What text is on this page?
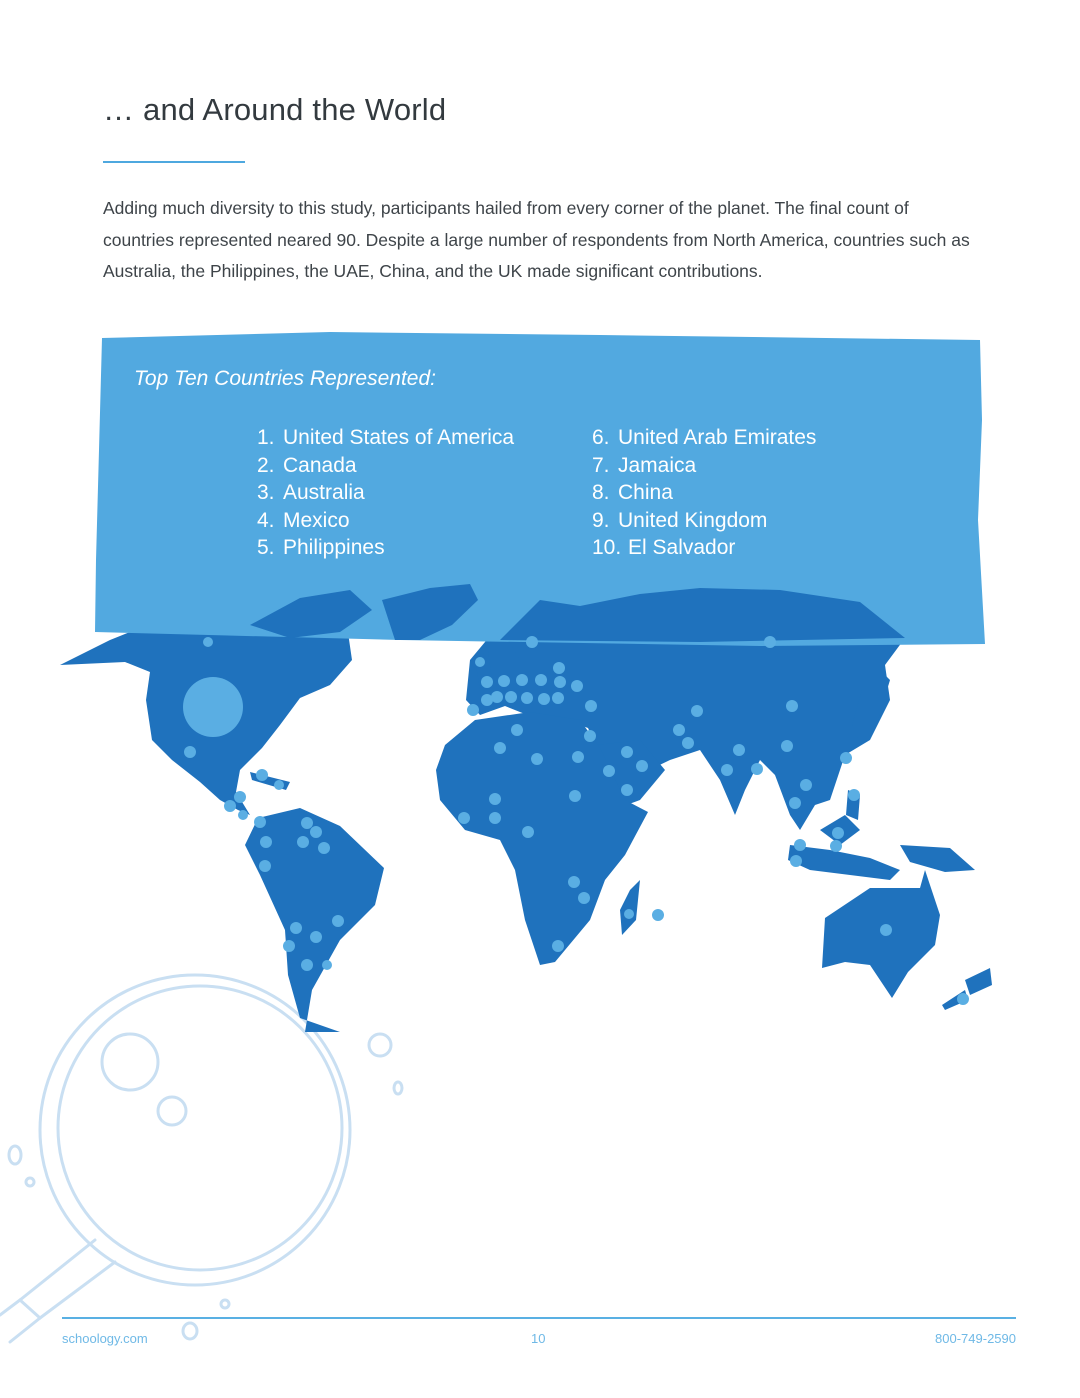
… and Around the World

Adding much diversity to this study, participants hailed from every corner of the planet. The final count of countries represented neared 90. Despite a large number of respondents from North America, countries such as Australia, the Philippines, the UAE, China, and the UK made significant contributions.

Top Ten Countries Represented:
1. United States of America
2. Canada
3. Australia
4. Mexico
5. Philippines
6. United Arab Emirates
7. Jamaica
8. China
9. United Kingdom
10. El Salvador
schoology.com	10	800-749-2590
